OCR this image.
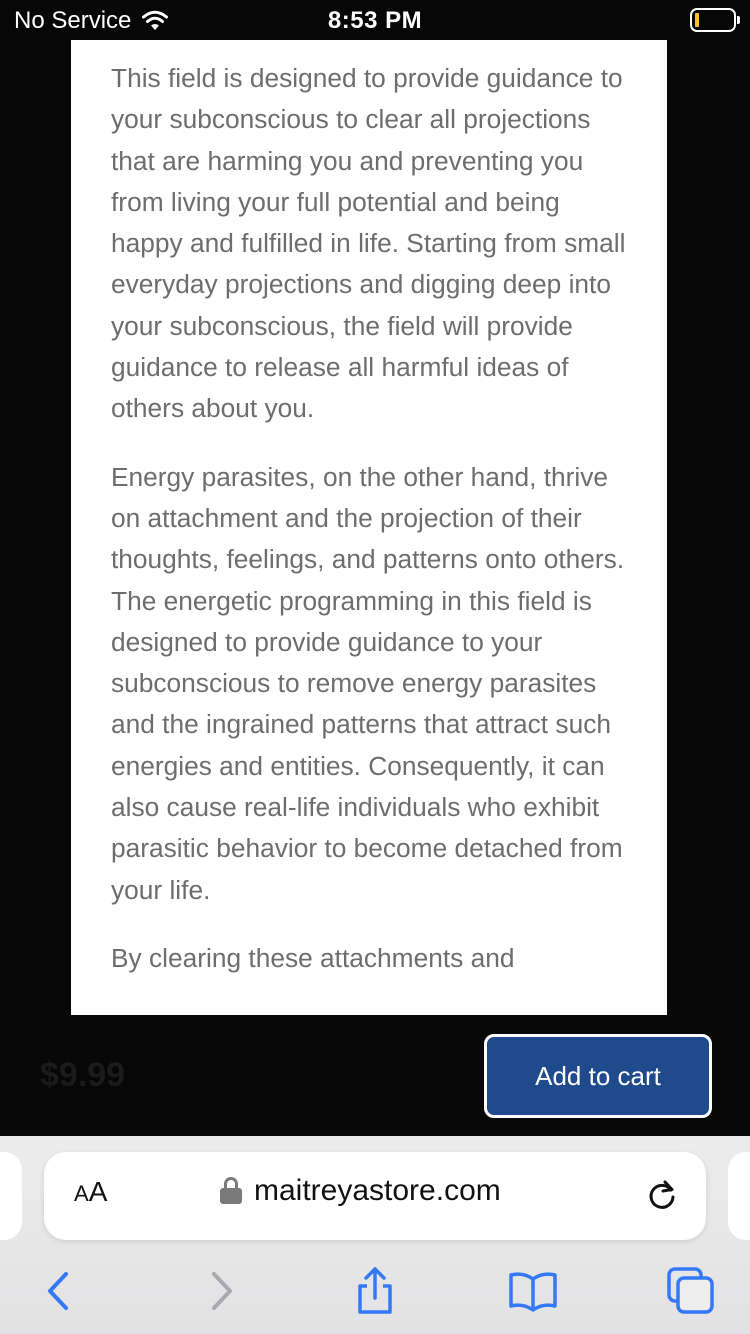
No Service	8:53 PM

This field is designed to provide guidance to your subconscious to clear all projections that are harming you and preventing you from living your full potential and being happy and fulfilled in life. Starting from small everyday projections and digging deep into your subconscious, the field will provide guidance to release all harmful ideas of others about you.

Energy parasites, on the other hand, thrive on attachment and the projection of their thoughts, feelings, and patterns onto others. The energetic programming in this field is designed to provide guidance to your subconscious to remove energy parasites and the ingrained patterns that attract such energies and entities. Consequently, it can also cause real-life individuals who exhibit parasitic behavior to become detached from your life.

By clearing these attachments and

$9.99	Add to cart
AA	maitreyastore.com
